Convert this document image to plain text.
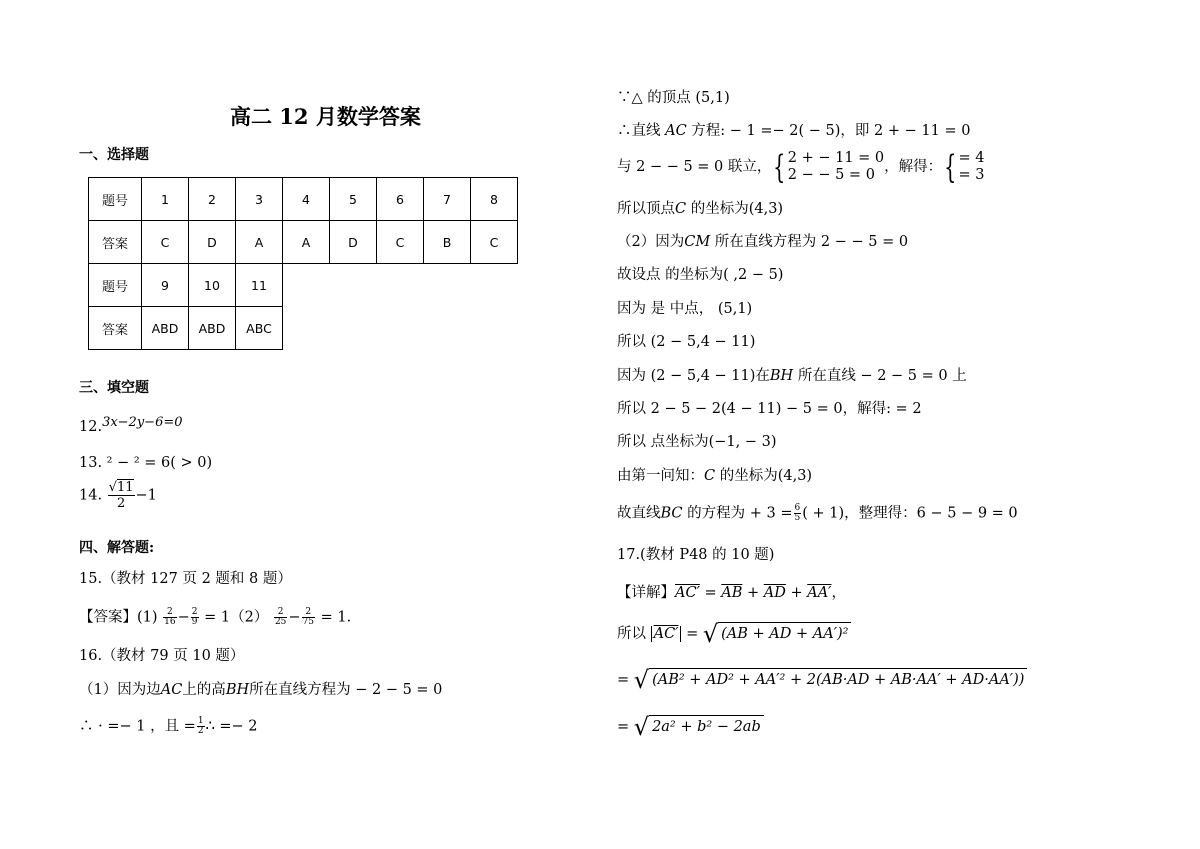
高二 12 月数学答案
一、选择题
题号	1	2	3	4	5	6	7	8
答案	C	D	A	A	D	C	B	C
题号	9	10	11					
答案	ABD	ABD	ABC					
三、填空题
12.3x−2y−6=0
13. ² − ² = 6( > 0)
14. $\frac{√11}{2} -1$
四、解答题:
15.（教材 127 页 2 题和 8 题）
【答案】$(1) \frac{2}{16} - \frac{2}{9} = 1(2) \frac{2}{25} - \frac{2}{75} = 1$.
16.（教材 79 页 10 题）
（1）因为边AC上的高BH所在直线方程为 − 2 − 5 = 0
∴ · =− 1 ，且 = $\frac{1}{2}$ ∴ =− 2
∵△ 的顶点 (5,1)
∴直线 AC 方程: − 1 =− 2( − 5)，即 2 + − 11 = 0
与 2 − − 5 = 0 联立，{ 2 + − 11 = 0
2 − − 5 = 0 ，解得：{ = 4
= 3
所以顶点C 的坐标为(4,3)
（2）因为CM 所在直线方程为 2 − − 5 = 0
故设点 的坐标为( ,2 − 5)
因为 是 中点， (5,1)
所以 (2 − 5,4 − 11)
因为 (2 − 5,4 − 11)在BH 所在直线 − 2 − 5 = 0 上
所以 2 − 5 − 2(4 − 11) − 5 = 0，解得: = 2
所以 点坐标为(−1, − 3)
由第一问知：C 的坐标为(4,3)
故直线BC 的方程为 + $3 = \frac{6}{5}$ ( + 1)，整理得：6 − 5 − 9 = 0
17.(教材 P48 的 10 题)
【详解】$AC' = \overline{AB} + \overline{AD} + AA'$，
所以 AC′ = √ (AB + AD + AA′)²
= √ (AB² + AD² + AA′² + 2(AB·AD + AB·AA′ + AD·AA′))
= √ 2a² + b² − 2ab
